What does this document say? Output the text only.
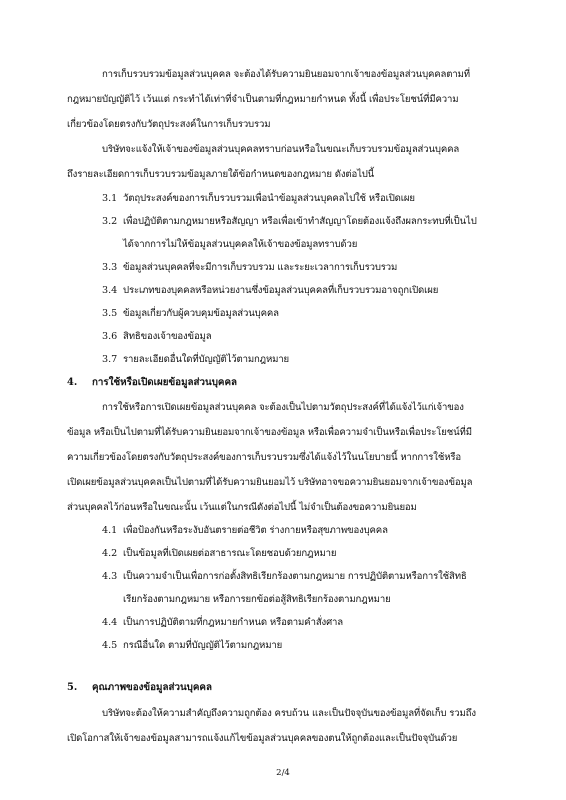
การเก็บรวบรวมข้อมูลส่วนบุคคล จะต้องได้รับความยินยอมจากเจ้าของข้อมูลส่วนบุคคลตามที่
กฎหมายบัญญัติไว้ เว้นแต่ กระทำได้เท่าที่จำเป็นตามที่กฎหมายกำหนด ทั้งนี้ เพื่อประโยชน์ที่มีความ
เกี่ยวข้องโดยตรงกับวัตถุประสงค์ในการเก็บรวบรวม
บริษัทจะแจ้งให้เจ้าของข้อมูลส่วนบุคคลทราบก่อนหรือในขณะเก็บรวบรวมข้อมูลส่วนบุคคล
ถึงรายละเอียดการเก็บรวบรวมข้อมูลภายใต้ข้อกำหนดของกฎหมาย ดังต่อไปนี้
3.1 วัตถุประสงค์ของการเก็บรวบรวมเพื่อนำข้อมูลส่วนบุคคลไปใช้ หรือเปิดเผย
3.2 เพื่อปฏิบัติตามกฎหมายหรือสัญญา หรือเพื่อเข้าทำสัญญาโดยต้องแจ้งถึงผลกระทบที่เป็นไป
ได้จากการไม่ให้ข้อมูลส่วนบุคคลให้เจ้าของข้อมูลทราบด้วย
3.3 ข้อมูลส่วนบุคคลที่จะมีการเก็บรวบรวม และระยะเวลาการเก็บรวบรวม
3.4 ประเภทของบุคคลหรือหน่วยงานซึ่งข้อมูลส่วนบุคคลที่เก็บรวบรวมอาจถูกเปิดเผย
3.5 ข้อมูลเกี่ยวกับผู้ควบคุมข้อมูลส่วนบุคคล
3.6 สิทธิของเจ้าของข้อมูล
3.7 รายละเอียดอื่นใดที่บัญญัติไว้ตามกฎหมาย
4. การใช้หรือเปิดเผยข้อมูลส่วนบุคคล
การใช้หรือการเปิดเผยข้อมูลส่วนบุคคล จะต้องเป็นไปตามวัตถุประสงค์ที่ได้แจ้งไว้แก่เจ้าของ
ข้อมูล หรือเป็นไปตามที่ได้รับความยินยอมจากเจ้าของข้อมูล หรือเพื่อความจำเป็นหรือเพื่อประโยชน์ที่มี
ความเกี่ยวข้องโดยตรงกับวัตถุประสงค์ของการเก็บรวบรวมซึ่งได้แจ้งไว้ในนโยบายนี้ หากการใช้หรือ
เปิดเผยข้อมูลส่วนบุคคลเป็นไปตามที่ได้รับความยินยอมไว้ บริษัทอาจขอความยินยอมจากเจ้าของข้อมูล
ส่วนบุคคลไว้ก่อนหรือในขณะนั้น เว้นแต่ในกรณีดังต่อไปนี้ ไม่จำเป็นต้องขอความยินยอม
4.1 เพื่อป้องกันหรือระงับอันตรายต่อชีวิต ร่างกายหรือสุขภาพของบุคคล
4.2 เป็นข้อมูลที่เปิดเผยต่อสาธารณะโดยชอบด้วยกฎหมาย
4.3 เป็นความจำเป็นเพื่อการก่อตั้งสิทธิเรียกร้องตามกฎหมาย การปฏิบัติตามหรือการใช้สิทธิ
เรียกร้องตามกฎหมาย หรือการยกข้อต่อสู้สิทธิเรียกร้องตามกฎหมาย
4.4 เป็นการปฏิบัติตามที่กฎหมายกำหนด หรือตามคำสั่งศาล
4.5 กรณีอื่นใด ตามที่บัญญัติไว้ตามกฎหมาย
5. คุณภาพของข้อมูลส่วนบุคคล
บริษัทจะต้องให้ความสำคัญถึงความถูกต้อง ครบถ้วน และเป็นปัจจุบันของข้อมูลที่จัดเก็บ รวมถึง
เปิดโอกาสให้เจ้าของข้อมูลสามารถแจ้งแก้ไขข้อมูลส่วนบุคคลของตนให้ถูกต้องและเป็นปัจจุบันด้วย
2/4
